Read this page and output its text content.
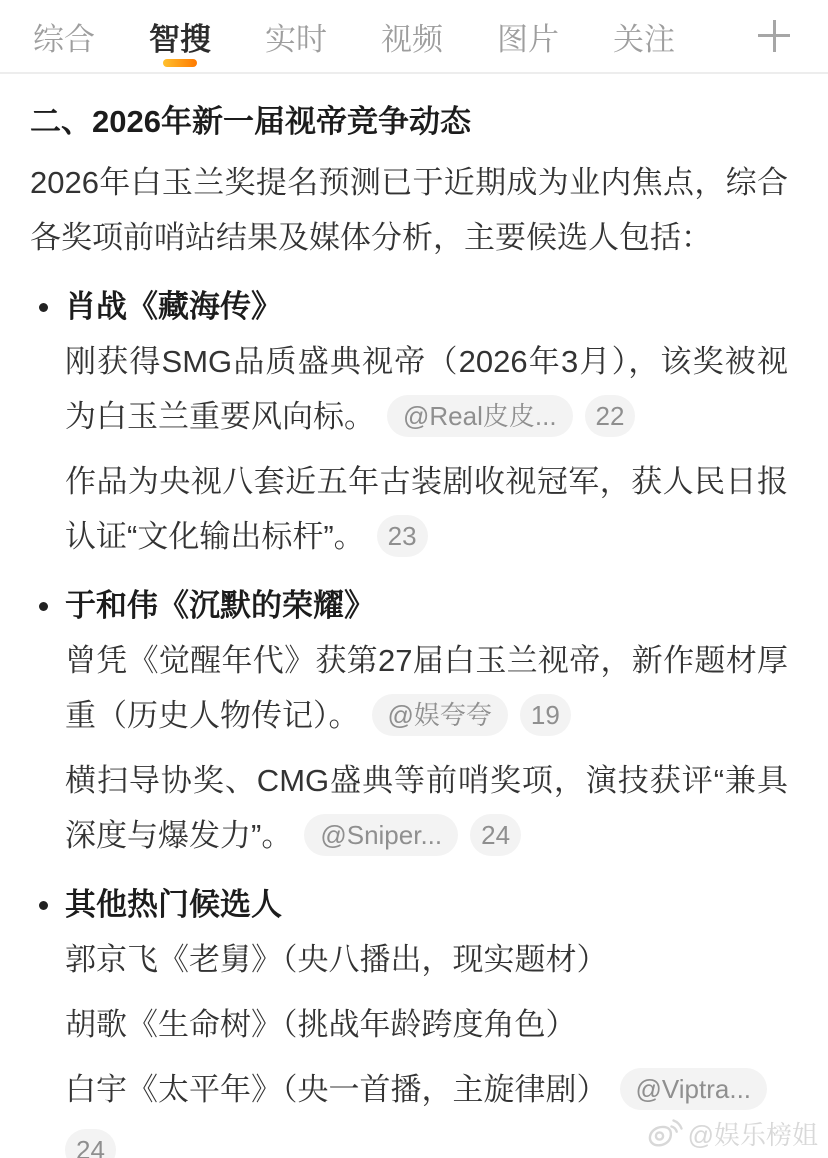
综合 智搜 实时 视频 图片 关注
二、2026年新一届视帝竞争动态

2026年白玉兰奖提名预测已于近期成为业内焦点，综合各奖项前哨站结果及媒体分析，主要候选人包括：

肖战《藏海传》
刚获得SMG品质盛典视帝（2026年3月），该奖被视为白玉兰重要风向标。 @Real皮皮... 22
作品为央视八套近五年古装剧收视冠军，获人民日报认证“文化输出标杆”。 23
于和伟《沉默的荣耀》
曾凭《觉醒年代》获第27届白玉兰视帝，新作题材厚重（历史人物传记）。 @娱夸夸 19
横扫导协奖、CMG盛典等前哨奖项，演技获评“兼具深度与爆发力”。 @Sniper... 24
其他热门候选人
郭京飞《老舅》（央八播出，现实题材）
胡歌《生命树》（挑战年龄跨度角色）
白宇《太平年》（央一首播，主旋律剧） @Viptra...
24	@娱乐榜姐
